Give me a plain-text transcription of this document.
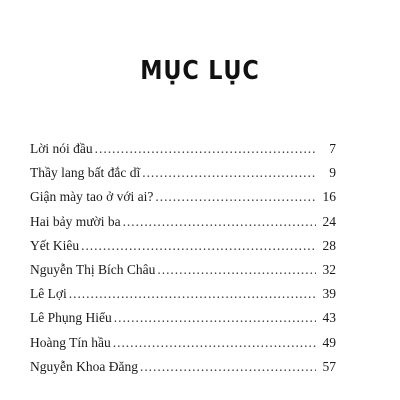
MỤC LỤC
Lời nói đầu . . .	7
Thầy lang bất đắc dĩ . . .	9
Giận mày tao ở với ai? . . .	16
Hai bảy mười ba . . .	24
Yết Kiêu . . .	28
Nguyễn Thị Bích Châu . . .	32
Lê Lợi . . .	39
Lê Phụng Hiểu . . .	43
Hoàng Tín hầu . . .	49
Nguyễn Khoa Đăng . . .	57
